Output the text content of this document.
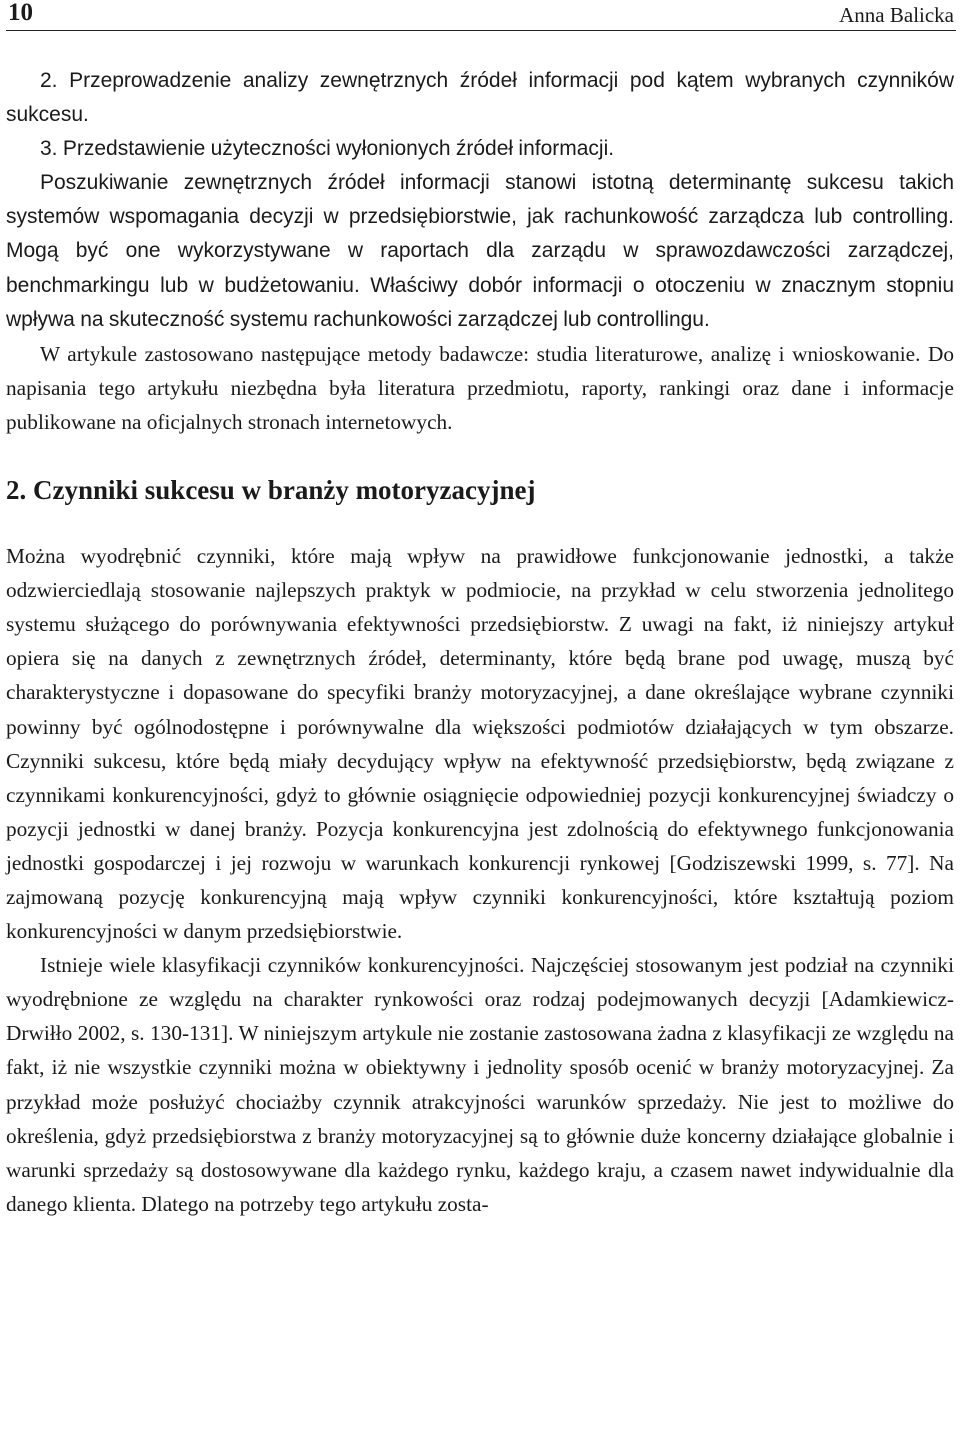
10	Anna Balicka

2. Przeprowadzenie analizy zewnętrznych źródeł informacji pod kątem wybranych czynników sukcesu.

3. Przedstawienie użyteczności wyłonionych źródeł informacji.

Poszukiwanie zewnętrznych źródeł informacji stanowi istotną determinantę sukcesu takich systemów wspomagania decyzji w przedsiębiorstwie, jak rachunkowość zarządcza lub controlling. Mogą być one wykorzystywane w raportach dla zarządu w sprawozdawczości zarządczej, benchmarkingu lub w budżetowaniu. Właściwy dobór informacji o otoczeniu w znacznym stopniu wpływa na skuteczność systemu rachunkowości zarządczej lub controllingu.

W artykule zastosowano następujące metody badawcze: studia literaturowe, analizę i wnioskowanie. Do napisania tego artykułu niezbędna była literatura przedmiotu, raporty, rankingi oraz dane i informacje publikowane na oficjalnych stronach internetowych.

2. Czynniki sukcesu w branży motoryzacyjnej

Można wyodrębnić czynniki, które mają wpływ na prawidłowe funkcjonowanie jednostki, a także odzwierciedlają stosowanie najlepszych praktyk w podmiocie, na przykład w celu stworzenia jednolitego systemu służącego do porównywania efektywności przedsiębiorstw. Z uwagi na fakt, iż niniejszy artykuł opiera się na danych z zewnętrznych źródeł, determinanty, które będą brane pod uwagę, muszą być charakterystyczne i dopasowane do specyfiki branży motoryzacyjnej, a dane określające wybrane czynniki powinny być ogólnodostępne i porównywalne dla większości podmiotów działających w tym obszarze. Czynniki sukcesu, które będą miały decydujący wpływ na efektywność przedsiębiorstw, będą związane z czynnikami konkurencyjności, gdyż to głównie osiągnięcie odpowiedniej pozycji konkurencyjnej świadczy o pozycji jednostki w danej branży. Pozycja konkurencyjna jest zdolnością do efektywnego funkcjonowania jednostki gospodarczej i jej rozwoju w warunkach konkurencji rynkowej [Godziszewski 1999, s. 77]. Na zajmowaną pozycję konkurencyjną mają wpływ czynniki konkurencyjności, które kształtują poziom konkurencyjności w danym przedsiębiorstwie.

Istnieje wiele klasyfikacji czynników konkurencyjności. Najczęściej stosowanym jest podział na czynniki wyodrębnione ze względu na charakter rynkowości oraz rodzaj podejmowanych decyzji [Adamkiewicz-Drwiłło 2002, s. 130-131]. W niniejszym artykule nie zostanie zastosowana żadna z klasyfikacji ze względu na fakt, iż nie wszystkie czynniki można w obiektywny i jednolity sposób ocenić w branży motoryzacyjnej. Za przykład może posłużyć chociażby czynnik atrakcyjności warunków sprzedaży. Nie jest to możliwe do określenia, gdyż przedsiębiorstwa z branży motoryzacyjnej są to głównie duże koncerny działające globalnie i warunki sprzedaży są dostosowywane dla każdego rynku, każdego kraju, a czasem nawet indywidualnie dla danego klienta. Dlatego na potrzeby tego artykułu zosta-
